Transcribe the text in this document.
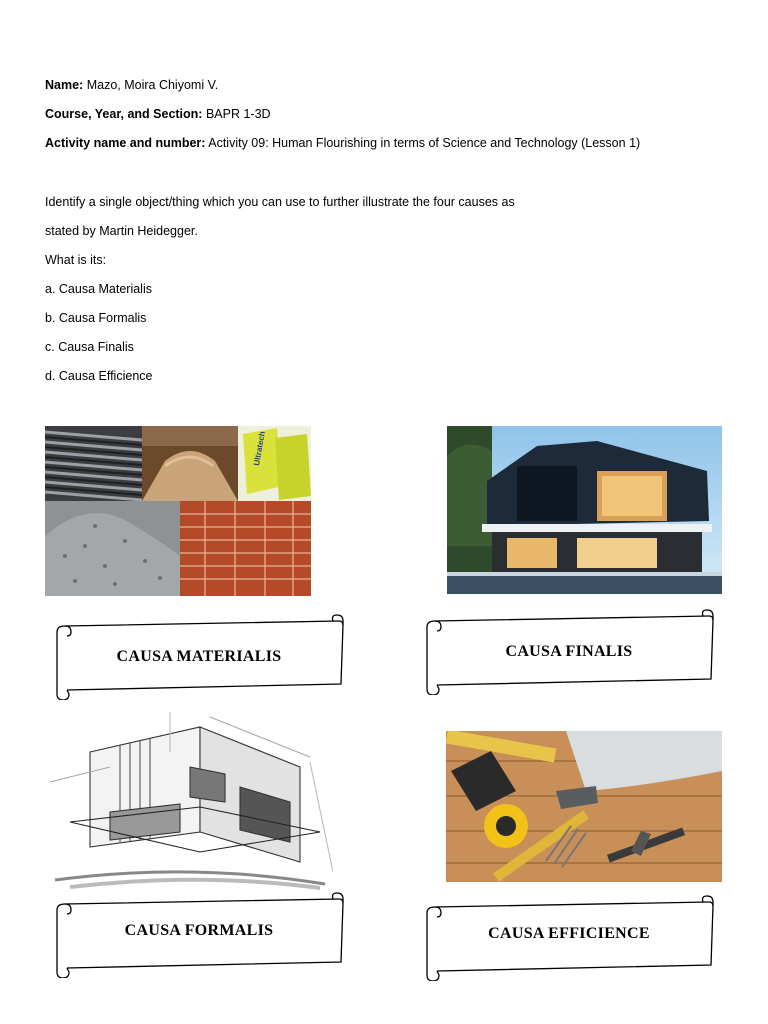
Name: Mazo, Moira Chiyomi V.
Course, Year, and Section: BAPR 1-3D
Activity name and number: Activity 09: Human Flourishing in terms of Science and Technology (Lesson 1)
Identify a single object/thing which you can use to further illustrate the four causes as
stated by Martin Heidegger.
What is its:
a. Causa Materialis
b. Causa Formalis
c. Causa Finalis
d. Causa Efficience
Ultratech
CAUSA MATERIALIS	CAUSA FINALIS
CAUSA FORMALIS	CAUSA EFFICIENCE
